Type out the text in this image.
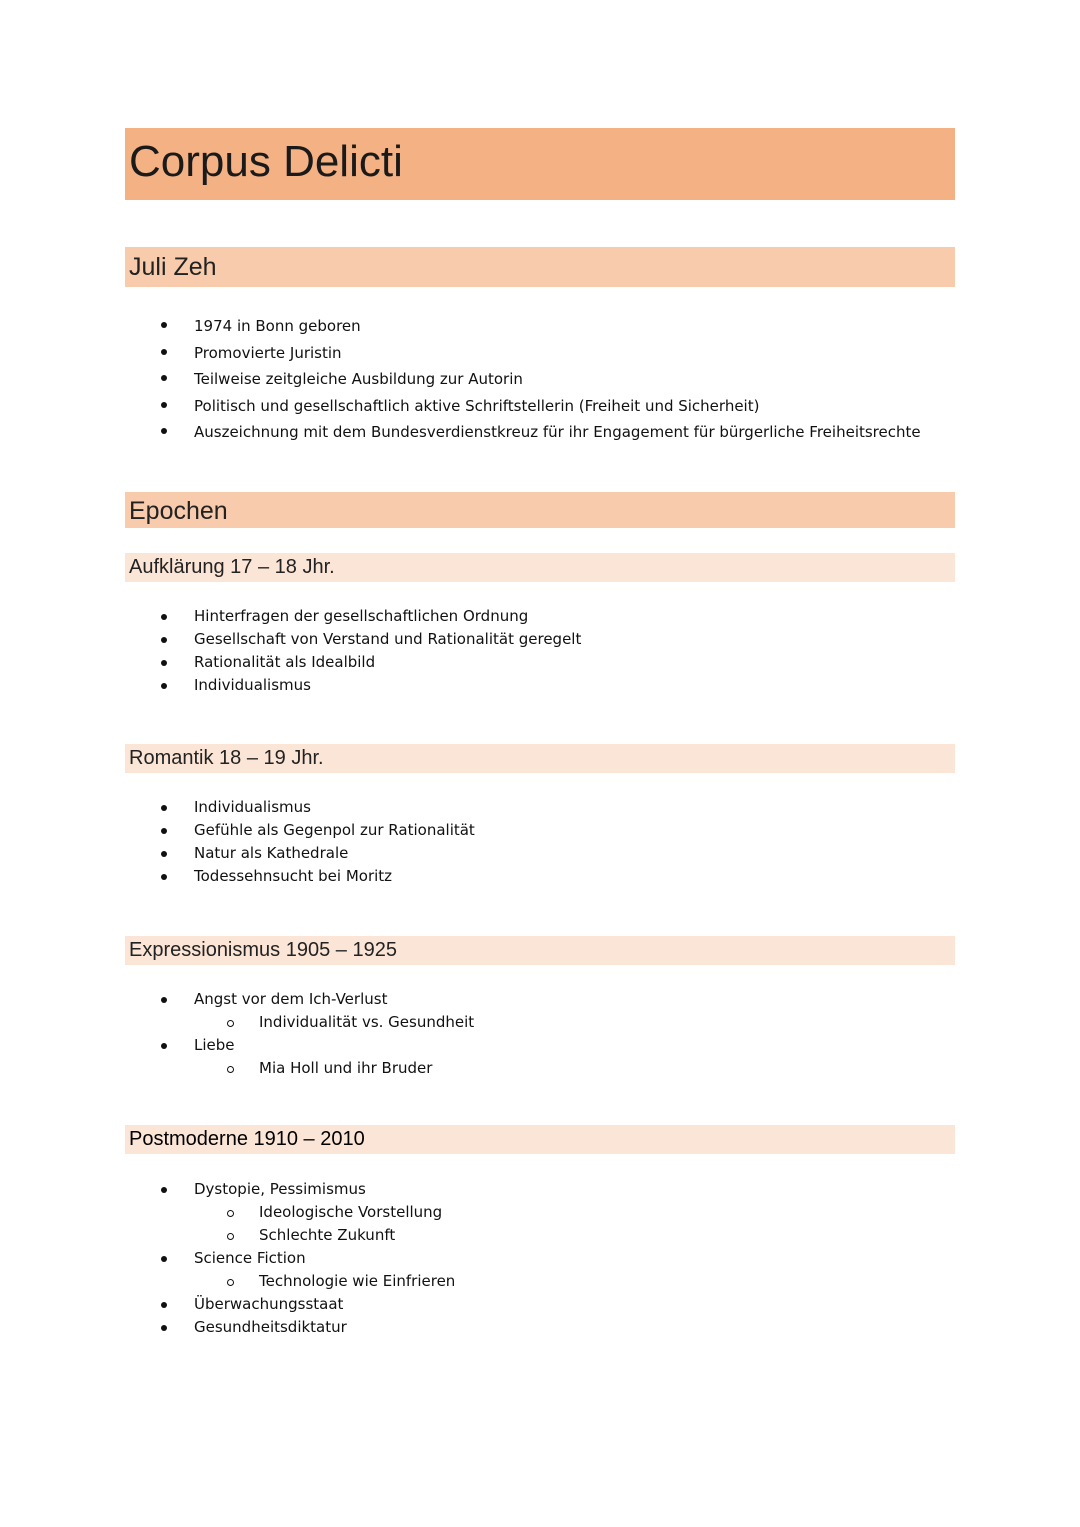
Corpus Delicti
Juli Zeh
1974 in Bonn geboren
Promovierte Juristin
Teilweise zeitgleiche Ausbildung zur Autorin
Politisch und gesellschaftlich aktive Schriftstellerin (Freiheit und Sicherheit)
Auszeichnung mit dem Bundesverdienstkreuz für ihr Engagement für bürgerliche Freiheitsrechte
Epochen
Aufklärung 17 – 18 Jhr.
Hinterfragen der gesellschaftlichen Ordnung
Gesellschaft von Verstand und Rationalität geregelt
Rationalität als Idealbild
Individualismus
Romantik 18 – 19 Jhr.
Individualismus
Gefühle als Gegenpol zur Rationalität
Natur als Kathedrale
Todessehnsucht bei Moritz
Expressionismus 1905 – 1925
Angst vor dem Ich-Verlust
Individualität vs. Gesundheit
Liebe
Mia Holl und ihr Bruder
Postmoderne 1910 – 2010
Dystopie, Pessimismus
Ideologische Vorstellung
Schlechte Zukunft
Science Fiction
Technologie wie Einfrieren
Überwachungsstaat
Gesundheitsdiktatur
